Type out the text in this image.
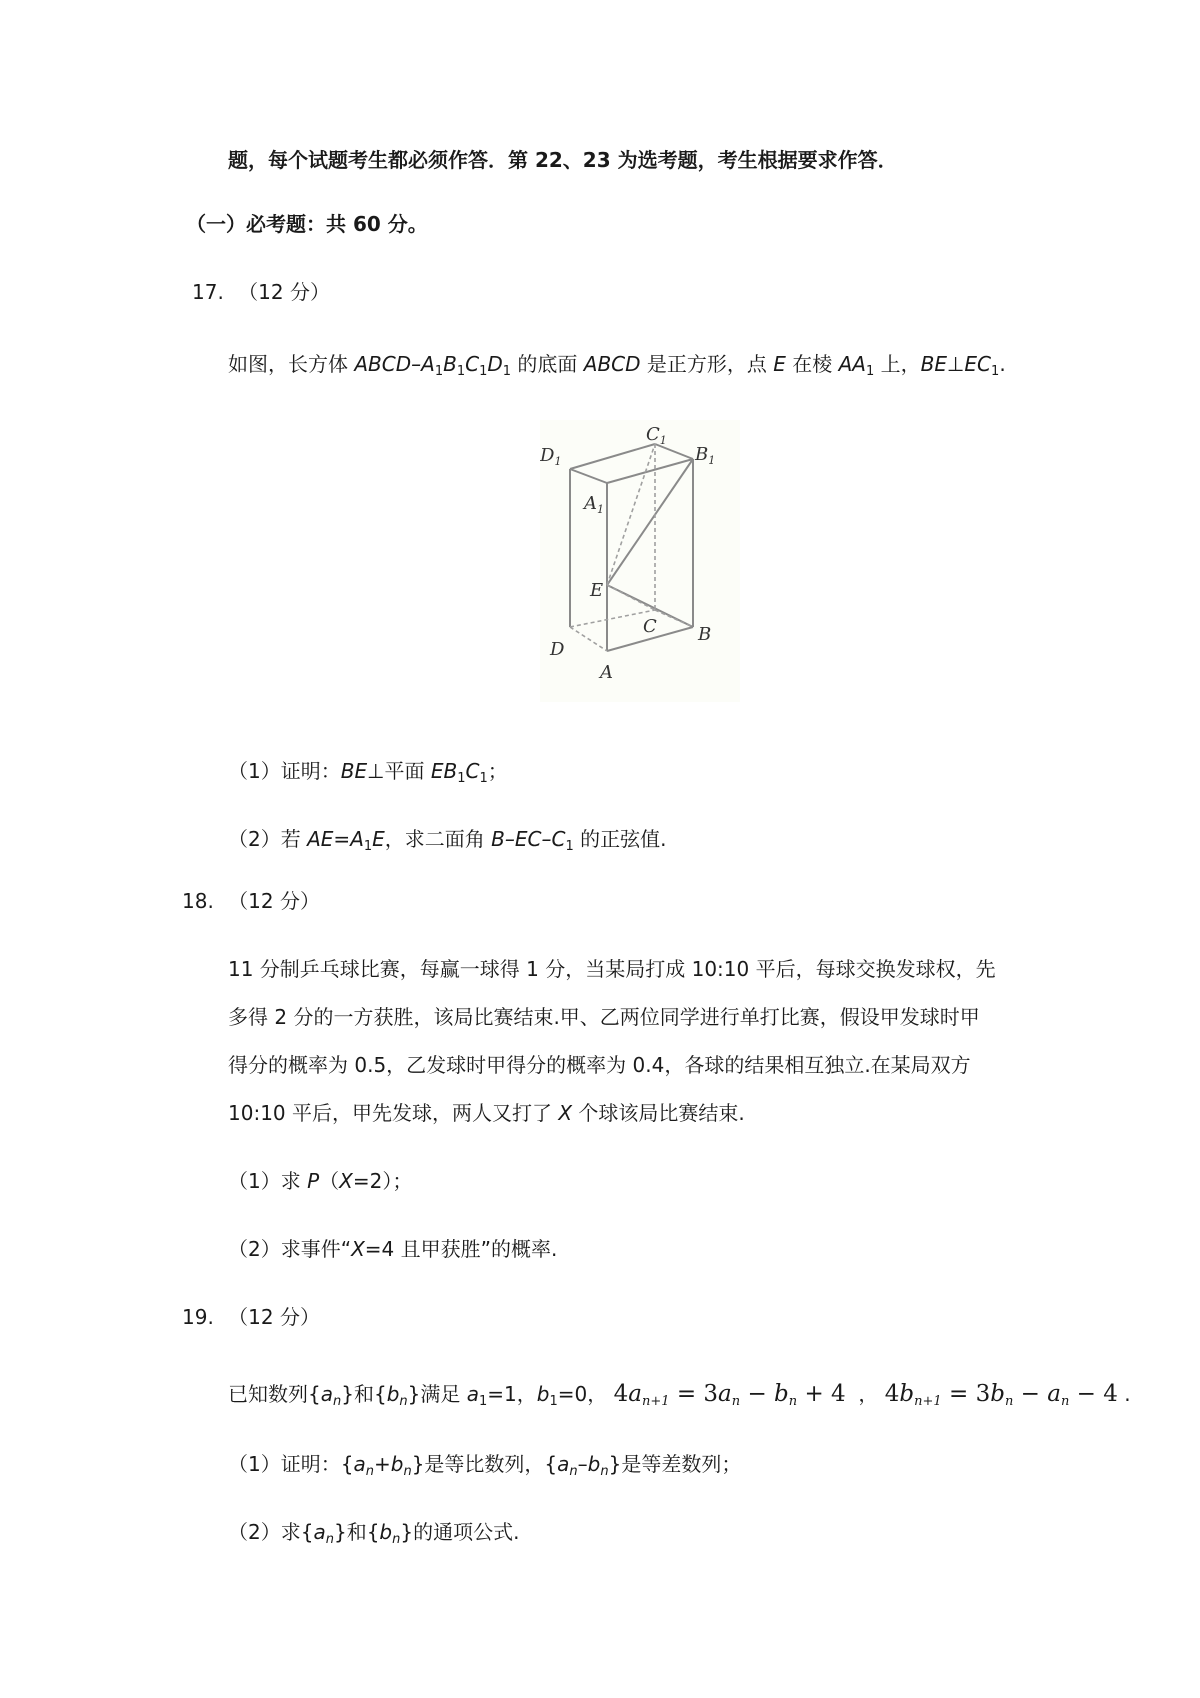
题，每个试题考生都必须作答．第 22、23 为选考题，考生根据要求作答．
（一）必考题：共 60 分。
17. （12 分）
如图，长方体 ABCD–$A_1B_1C_1D_1$ 的底面 ABCD 是正方形，点 E 在棱 $AA_1$ 上，$BE\perp EC_1$.
$C_1$
$B_1$
$D_1$
$A_1$
E
C B
D
A
（1）证明：BE⊥平面 $EB_1C_1$；
（2）若 $AE=A_1E$，求二面角 $B-EC-C_1$ 的正弦值.
18. （12 分）
11 分制乒乓球比赛，每赢一球得 1 分，当某局打成 10:10 平后，每球交换发球权，先
多得 2 分的一方获胜，该局比赛结束.甲、乙两位同学进行单打比赛，假设甲发球时甲
得分的概率为 0.5，乙发球时甲得分的概率为 0.4，各球的结果相互独立.在某局双方
10:10 平后，甲先发球，两人又打了 X 个球该局比赛结束.
（1）求 P（X=2）；
（2）求事件“X=4 且甲获胜”的概率.
19. （12 分）
已知数列$\{a_n\}$和$\{b_n\}$满足 $a_1=1$，$b_1=0$， $4a_{n+1} = 3a_n - b_n + 4$  ， $4b_{n+1} = 3b_n - a_n - 4$ .
（1）证明：$\{a_n+b_n\}$是等比数列，$\{a_n-b_n\}$是等差数列；
（2）求$\{a_n\}$和$\{b_n\}$的通项公式.
